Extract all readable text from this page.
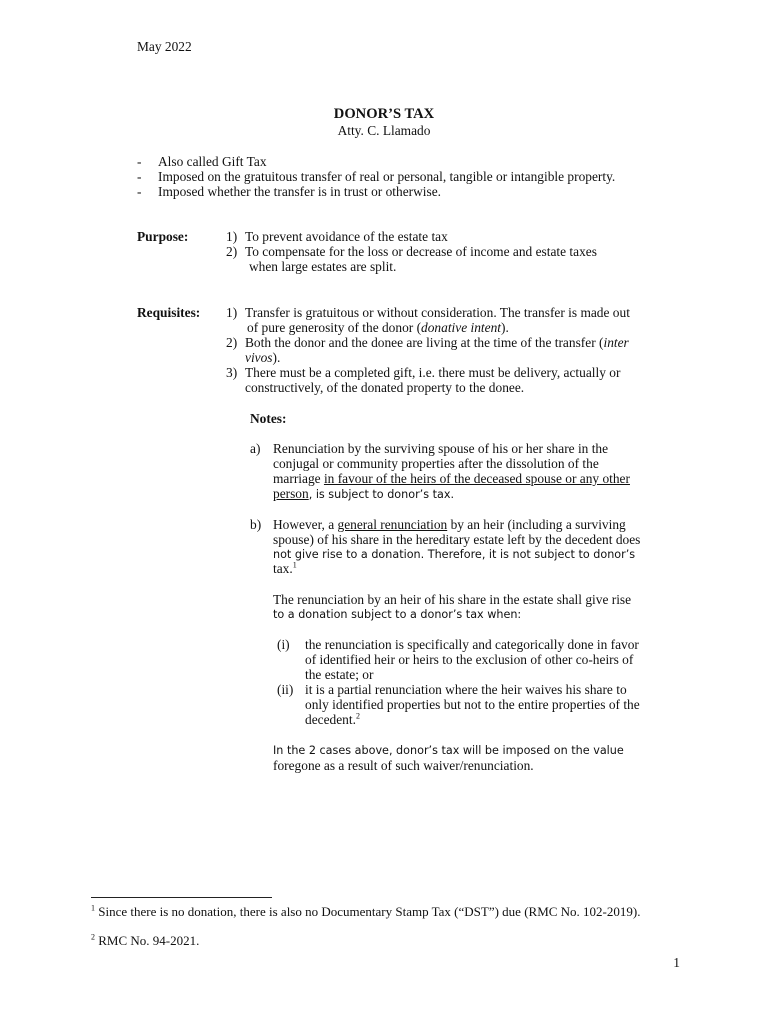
May 2022
DONOR’S TAX
Atty. C. Llamado
- Also called Gift Tax
- Imposed on the gratuitous transfer of real or personal, tangible or intangible property.
- Imposed whether the transfer is in trust or otherwise.
Purpose:	1) To prevent avoidance of the estate tax
2) To compensate for the loss or decrease of income and estate taxes
when large estates are split.
Requisites: 1) Transfer is gratuitous or without consideration. The transfer is made out
of pure generosity of the donor (donative intent).
2) Both the donor and the donee are living at the time of the transfer (inter
vivos).
3) There must be a completed gift, i.e. there must be delivery, actually or
constructively, of the donated property to the donee.
Notes:
a) Renunciation by the surviving spouse of his or her share in the
conjugal or community properties after the dissolution of the
marriage in favour of the heirs of the deceased spouse or any other
person, is subject to donor’s tax.
b) However, a general renunciation by an heir (including a surviving
spouse) of his share in the hereditary estate left by the decedent does
not give rise to a donation. Therefore, it is not subject to donor’s
tax.$^1$
The renunciation by an heir of his share in the estate shall give rise
to a donation subject to a donor’s tax when:
(i) the renunciation is specifically and categorically done in favor
of identified heir or heirs to the exclusion of other co-heirs of
the estate; or
(ii) it is a partial renunciation where the heir waives his share to
only identified properties but not to the entire properties of the
decedent.$^2$
In the 2 cases above, donor’s tax will be imposed on the value
foregone as a result of such waiver/renunciation.
$^1$ Since there is no donation, there is also no Documentary Stamp Tax (“DST”) due (RMC No. 102-2019).
$^2$ RMC No. 94-2021.
1
